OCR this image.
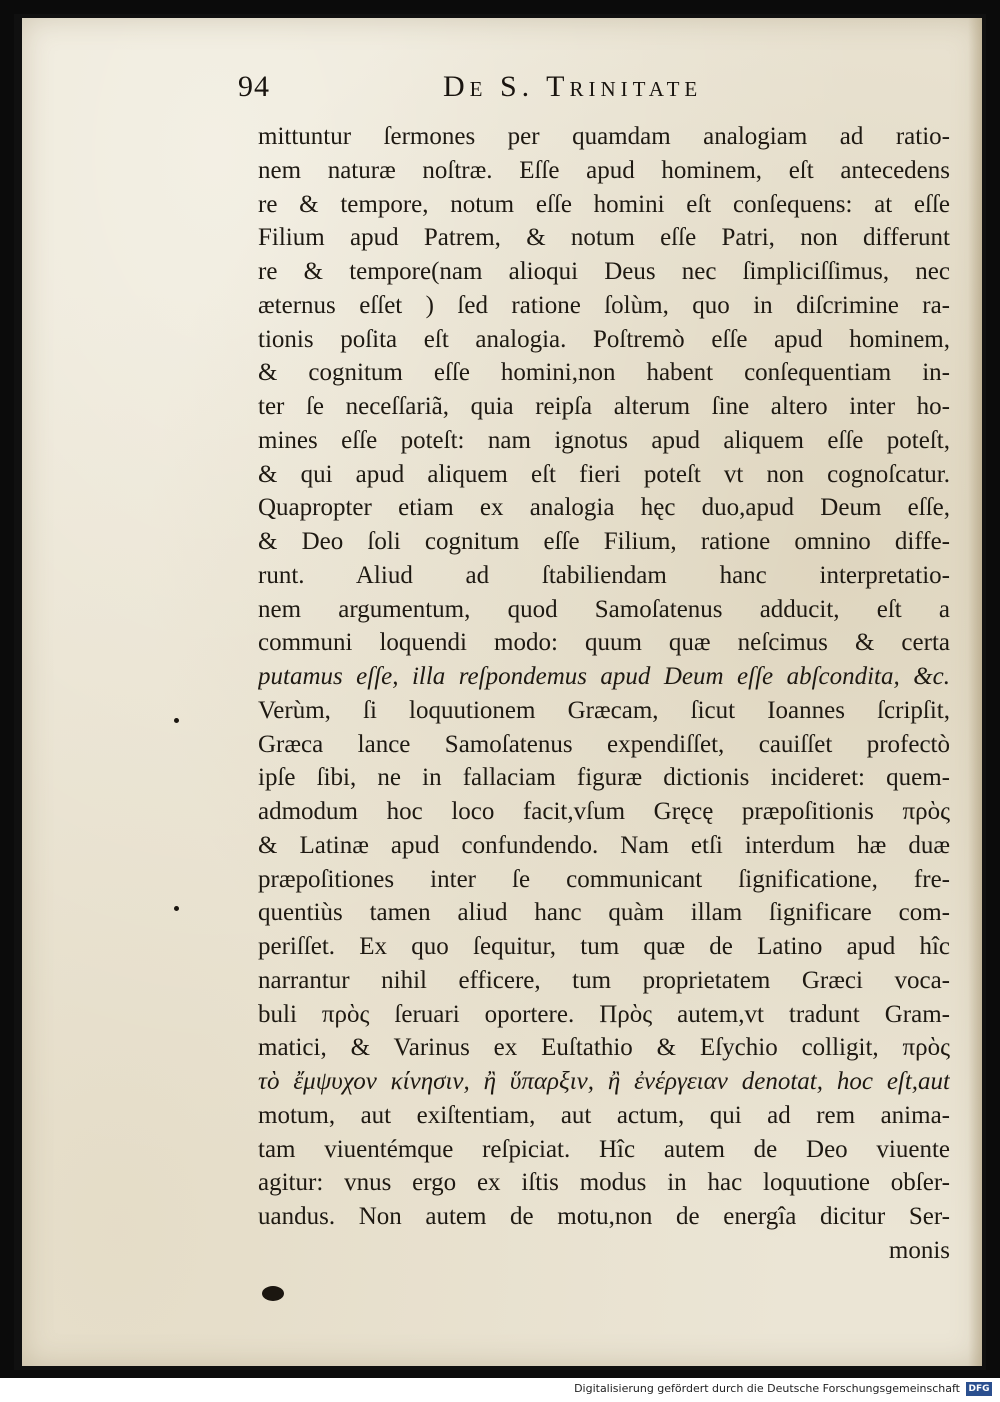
94	De S. Trinitate
mittuntur ſermones per quamdam analogiam ad ratio-
nem naturæ noſtræ. Eſſe apud hominem, eſt antecedens
re & tempore, notum eſſe homini eſt conſequens: at eſſe
Filium apud Patrem, & notum eſſe Patri, non differunt
re & tempore(nam alioqui Deus nec ſimpliciſſimus, nec
æternus eſſet ) ſed ratione ſolùm, quo in diſcrimine ra-
tionis poſita eſt analogia. Poſtremò eſſe apud hominem,
& cognitum eſſe homini,non habent conſequentiam in-
ter ſe neceſſariã, quia reipſa alterum ſine altero inter ho-
mines eſſe poteſt: nam ignotus apud aliquem eſſe poteſt,
& qui apud aliquem eſt fieri poteſt vt non cognoſcatur.
Quapropter etiam ex analogia hęc duo,apud Deum eſſe,
& Deo ſoli cognitum eſſe Filium, ratione omnino diffe-
runt. Aliud ad ſtabiliendam hanc interpretatio-
nem argumentum, quod Samoſatenus adducit, eſt a
communi loquendi modo: quum quæ neſcimus & certa
putamus eſſe, illa reſpondemus apud Deum eſſe abſcondita, &c.
Verùm, ſi loquutionem Græcam, ſicut Ioannes ſcripſit,
Græca lance Samoſatenus expendiſſet, cauiſſet profectò
ipſe ſibi, ne in fallaciam figuræ dictionis incideret: quem-
admodum hoc loco facit,vſum Gręcę præpoſitionis πρὸς
& Latinæ apud confundendo. Nam etſi interdum hæ duæ
præpoſitiones inter ſe communicant ſignificatione, fre-
quentiùs tamen aliud hanc quàm illam ſignificare com-
periſſet. Ex quo ſequitur, tum quæ de Latino apud hîc
narrantur nihil efficere, tum proprietatem Græci voca-
buli πρὸς ſeruari oportere. Πρὸς autem,vt tradunt Gram-
matici, & Varinus ex Euſtathio & Eſychio colligit, πρὸς
τὸ ἔμψυχον κίνησιν, ἢ ὕπαρξιν, ἢ ἐνέργειαν denotat, hoc eſt,aut
motum, aut exiſtentiam, aut actum, qui ad rem anima-
tam viuentémque reſpiciat. Hîc autem de Deo viuente
agitur: vnus ergo ex iſtis modus in hac loquutione obſer-
uandus. Non autem de motu,non de energîa dicitur Ser-
monis
Digitalisierung gefördert durch die Deutsche Forschungsgemeinschaft DFG
